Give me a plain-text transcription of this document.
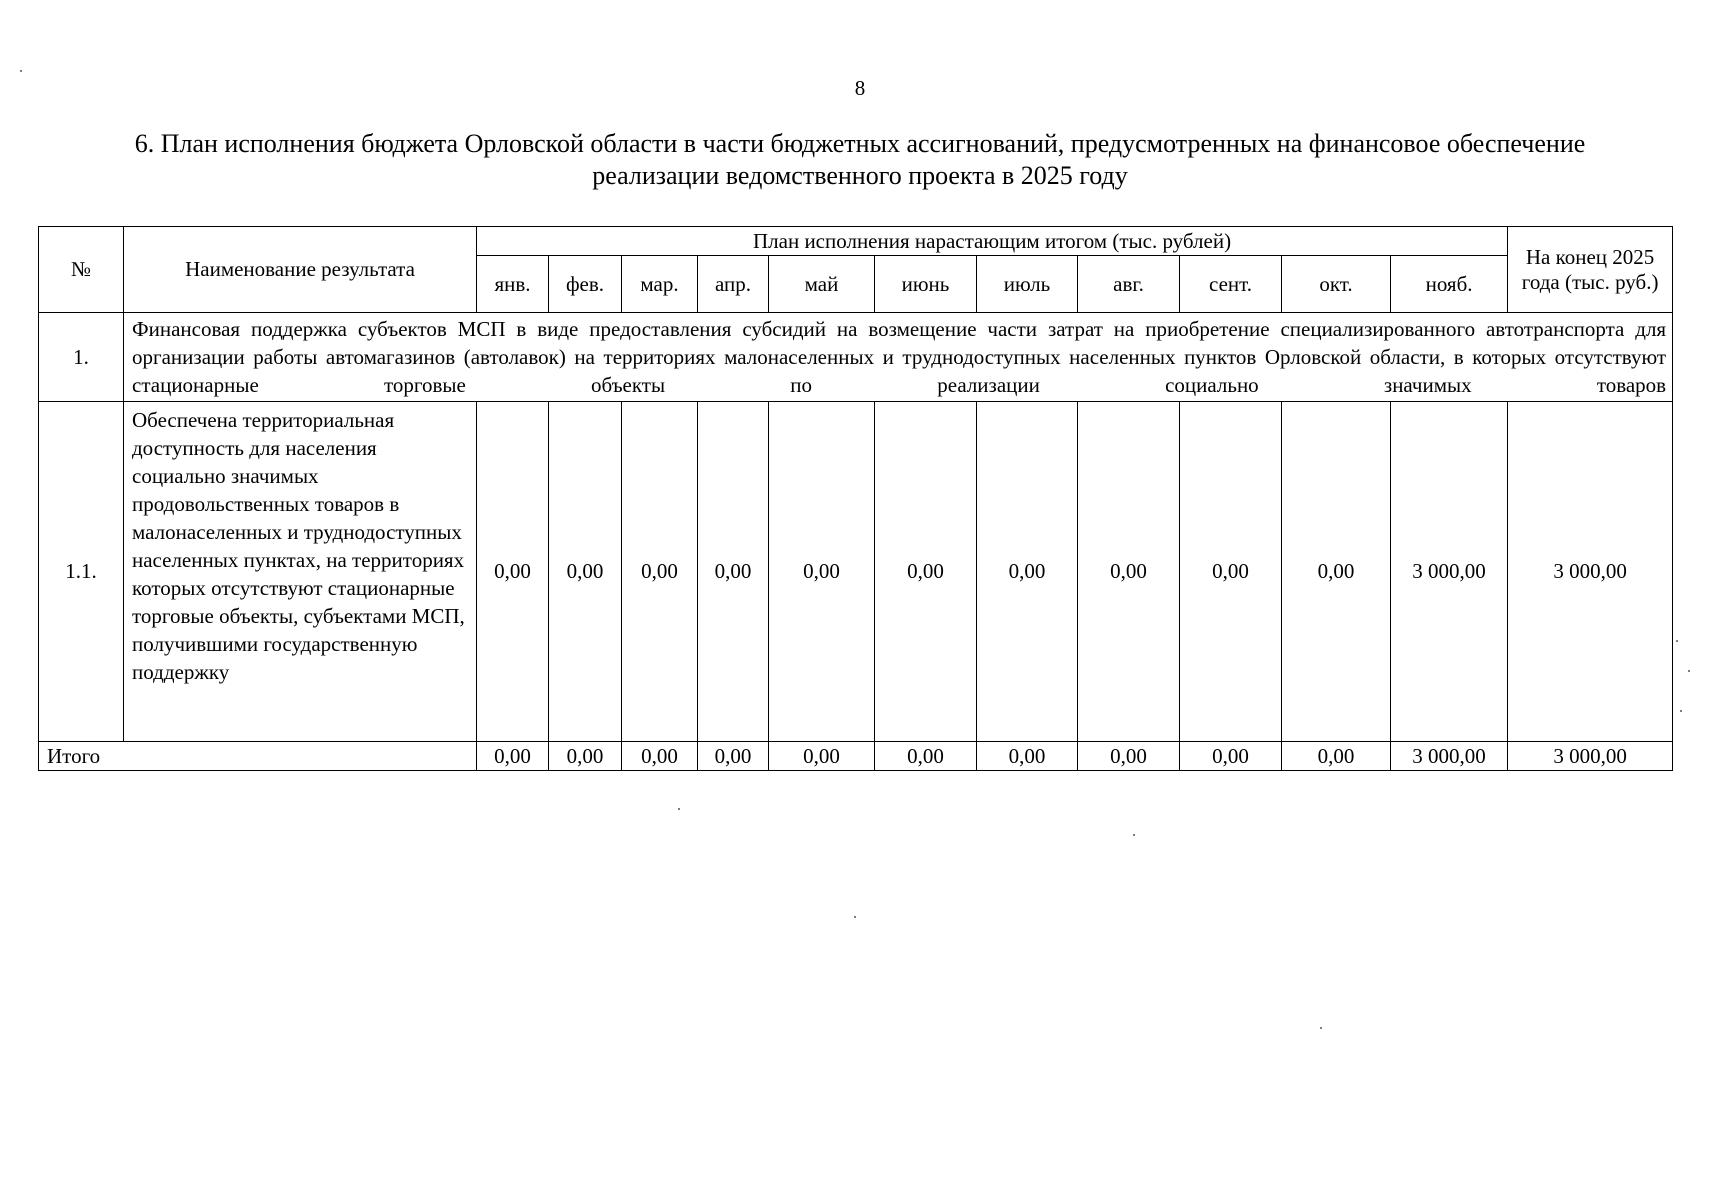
8
6. План исполнения бюджета Орловской области в части бюджетных ассигнований, предусмотренных на финансовое обеспечение реализации ведомственного проекта в 2025 году
№	Наименование результата	План исполнения нарастающим итогом (тыс. рублей)											На конец 2025 года (тыс. руб.)
		янв.	фев.	мар.	апр.	май	июнь	июль	авг.	сент.	окт.	нояб.	
1.	Финансовая поддержка субъектов МСП в виде предоставления субсидий на возмещение части затрат на приобретение специализированного автотранспорта для организации работы автомагазинов (автолавок) на территориях малонаселенных и труднодоступных населенных пунктов Орловской области, в которых отсутствуют стационарные торговые объекты по реализации социально значимых товаров												
1.1.	Обеспечена территориальная доступность для населения социально значимых продовольственных товаров в малонаселенных и труднодоступных населенных пунктах, на территориях которых отсутствуют стационарные торговые объекты, субъектами МСП, получившими государственную поддержку	0,00	0,00	0,00	0,00	0,00	0,00	0,00	0,00	0,00	0,00	3 000,00	3 000,00
Итого		0,00	0,00	0,00	0,00	0,00	0,00	0,00	0,00	0,00	0,00	3 000,00	3 000,00
